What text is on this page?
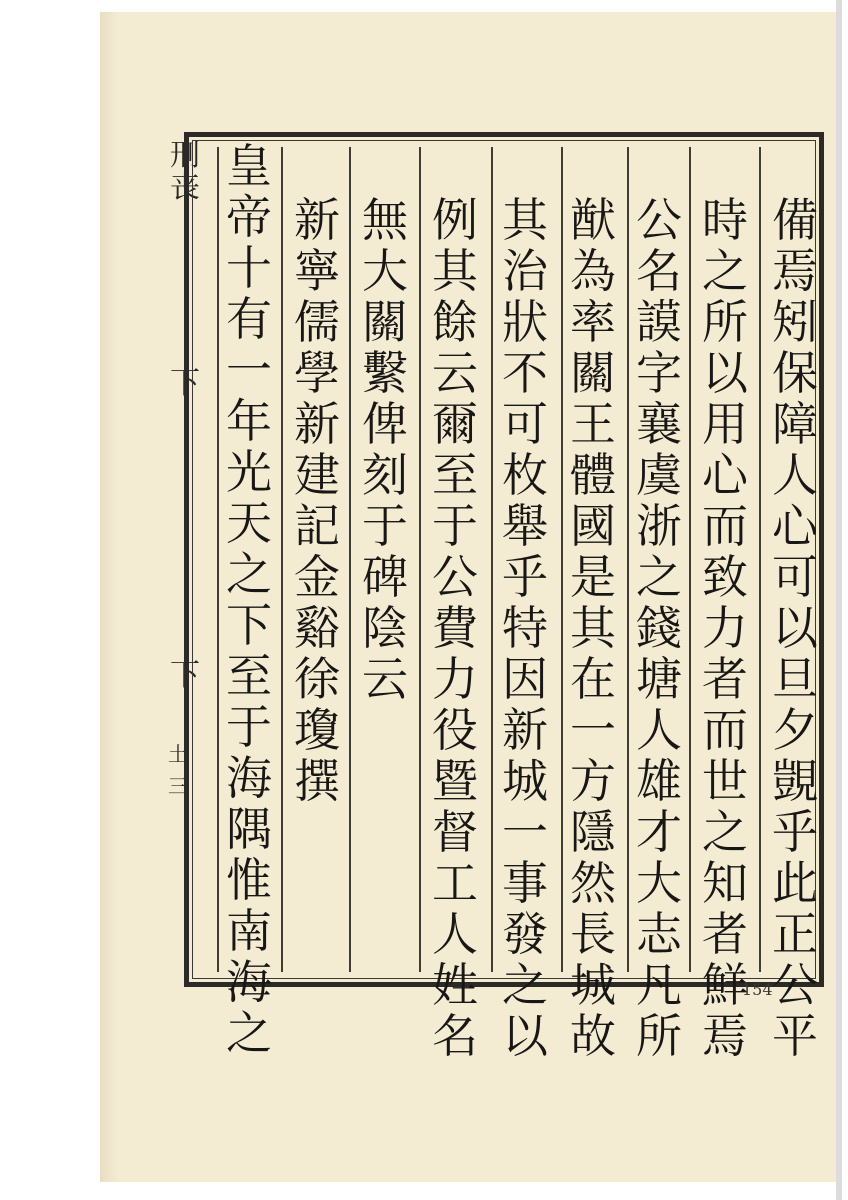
刑
丧
下
下
土三
備
焉
矧
保
障
人
心
可
以
旦
夕
覬
乎
此
正
公
平
時
之
所
以
用
心
而
致
力
者
而
世
之
知
者
鮮
焉
公
名
謨
字
襄
虞
浙
之
錢
塘
人
雄
才
大
志
凡
所
猷
為
率
關
王
體
國
是
其
在
一
方
隱
然
長
城
故
其
治
狀
不
可
枚
舉
乎
特
因
新
城
一
事
發
之
以
例
其
餘
云
爾
至
于
公
費
力
役
暨
督
工
人
姓
名
無
大
關
繫
俾
刻
于
碑
陰
云
新
寧
儒
學
新
建
記
金
谿
徐
瓊
撰
皇
帝
十
有
一
年
光
天
之
下
至
于
海
隅
惟
南
海
之
154
